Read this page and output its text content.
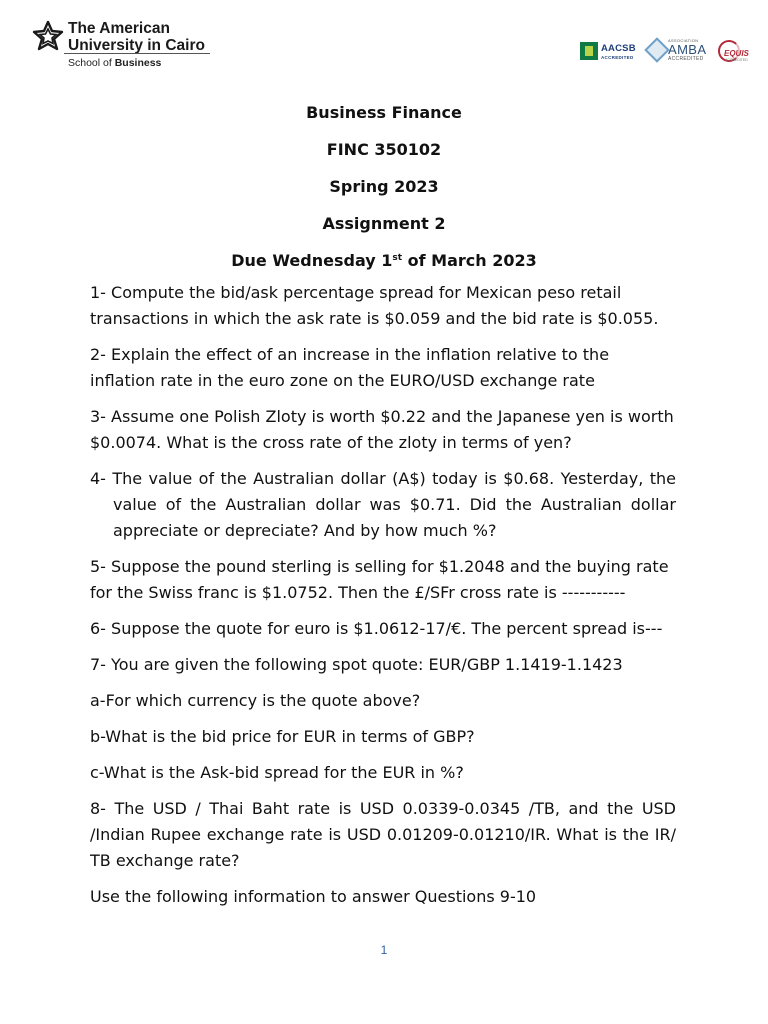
The American
University in Cairo
School of Business
AACSB
ACCREDITED
ASSOCIATION
AMBA
ACCREDITED
EQUIS
ACCREDITED
Business Finance
FINC 350102
Spring 2023
Assignment 2
Due Wednesday 1st of March 2023

1- Compute the bid/ask percentage spread for Mexican peso retail transactions in which the ask rate is $0.059 and the bid rate is $0.055.

2- Explain the effect of an increase in the inflation relative to the inflation rate in the euro zone on the EURO/USD exchange rate

3- Assume one Polish Zloty is worth $0.22 and the Japanese yen is worth $0.0074. What is the cross rate of the zloty in terms of yen?

4- The value of the Australian dollar (A$) today is $0.68. Yesterday, the value of the Australian dollar was $0.71. Did the Australian dollar appreciate or depreciate? And by how much %?

5- Suppose the pound sterling is selling for $1.2048 and the buying rate for the Swiss franc is $1.0752. Then the £/SFr cross rate is -----------

6- Suppose the quote for euro is $1.0612-17/€. The percent spread is---

7- You are given the following spot quote: EUR/GBP 1.1419-1.1423

a-For which currency is the quote above?

b-What is the bid price for EUR in terms of GBP?

c-What is the Ask-bid spread for the EUR in %?

8- The USD / Thai Baht rate is USD 0.0339-0.0345 /TB, and the USD /Indian Rupee exchange rate is USD 0.01209-0.01210/IR. What is the IR/ TB exchange rate?

Use the following information to answer Questions 9-10

1
